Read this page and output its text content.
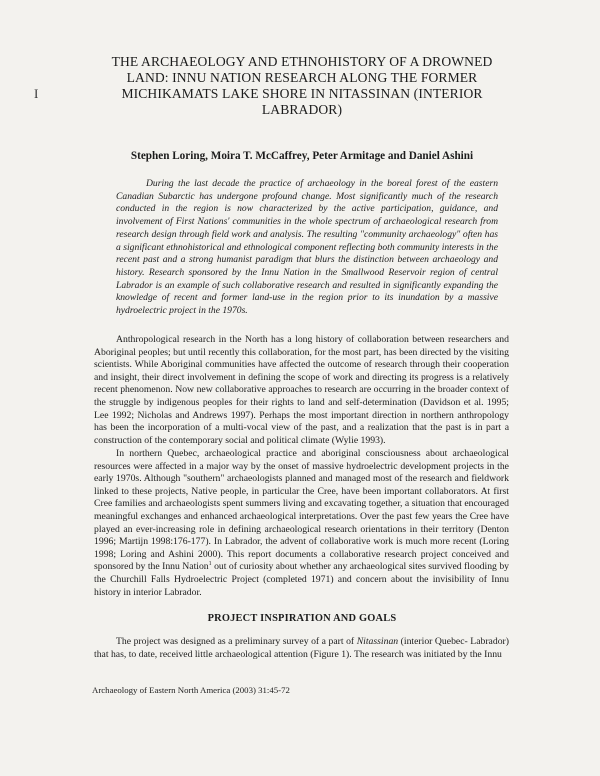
I
THE ARCHAEOLOGY AND ETHNOHISTORY OF A DROWNED LAND: INNU NATION RESEARCH ALONG THE FORMER MICHIKAMATS LAKE SHORE IN NITASSINAN (INTERIOR LABRADOR)
Stephen Loring, Moira T. McCaffrey, Peter Armitage and Daniel Ashini

During the last decade the practice of archaeology in the boreal forest of the eastern Canadian Subarctic has undergone profound change. Most significantly much of the research conducted in the region is now characterized by the active participation, guidance, and involvement of First Nations' communities in the whole spectrum of archaeological research from research design through field work and analysis. The resulting "community archaeology" often has a significant ethnohistorical and ethnological component reflecting both community interests in the recent past and a strong humanist paradigm that blurs the distinction between archaeology and history. Research sponsored by the Innu Nation in the Smallwood Reservoir region of central Labrador is an example of such collaborative research and resulted in significantly expanding the knowledge of recent and former land-use in the region prior to its inundation by a massive hydroelectric project in the 1970s.

Anthropological research in the North has a long history of collaboration between researchers and Aboriginal peoples; but until recently this collaboration, for the most part, has been directed by the visiting scientists. While Aboriginal communities have affected the outcome of research through their cooperation and insight, their direct involvement in defining the scope of work and directing its progress is a relatively recent phenomenon. Now new collaborative approaches to research are occurring in the broader context of the struggle by indigenous peoples for their rights to land and self-determination (Davidson et al. 1995; Lee 1992; Nicholas and Andrews 1997). Perhaps the most important direction in northern anthropology has been the incorporation of a multi-vocal view of the past, and a realization that the past is in part a construction of the contemporary social and political climate (Wylie 1993).

In northern Quebec, archaeological practice and aboriginal consciousness about archaeological resources were affected in a major way by the onset of massive hydroelectric development projects in the early 1970s. Although "southern" archaeologists planned and managed most of the research and fieldwork linked to these projects, Native people, in particular the Cree, have been important collaborators. At first Cree families and archaeologists spent summers living and excavating together, a situation that encouraged meaningful exchanges and enhanced archaeological interpretations. Over the past few years the Cree have played an ever-increasing role in defining archaeological research orientations in their territory (Denton 1996; Martijn 1998:176-177). In Labrador, the advent of collaborative work is much more recent (Loring 1998; Loring and Ashini 2000). This report documents a collaborative research project conceived and sponsored by the Innu Nation$^1$ out of curiosity about whether any archaeological sites survived flooding by the Churchill Falls Hydroelectric Project (completed 1971) and concern about the invisibility of Innu history in interior Labrador.

PROJECT INSPIRATION AND GOALS

The project was designed as a preliminary survey of a part of Nitassinan (interior Quebec- Labrador) that has, to date, received little archaeological attention (Figure 1). The research was initiated by the Innu

Archaeology of Eastern North America (2003) 31:45-72
